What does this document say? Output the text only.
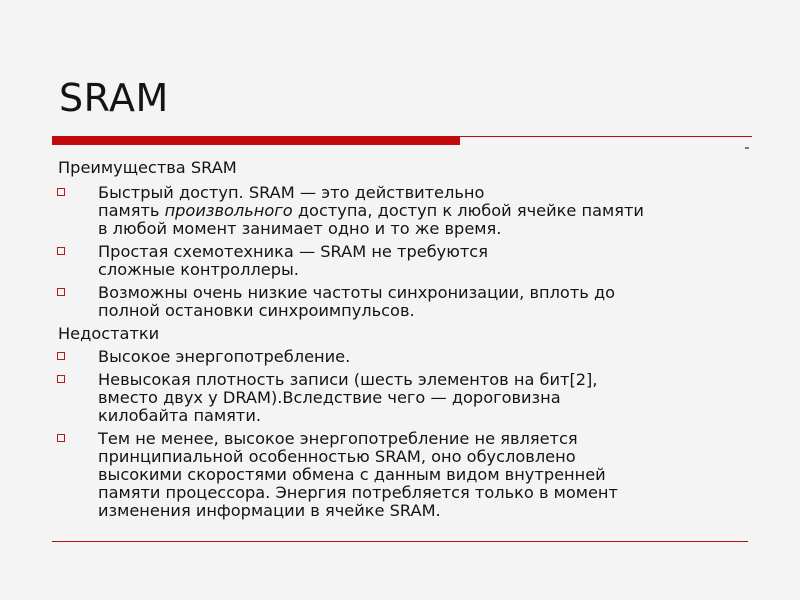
SRAM
Преимущества SRAM
Быстрый доступ. SRAM — это действительно
память произвольного доступа, доступ к любой ячейке памяти
в любой момент занимает одно и то же время.
Простая схемотехника — SRAM не требуются
сложные контроллеры.
Возможны очень низкие частоты синхронизации, вплоть до
полной остановки синхроимпульсов.
Недостатки
Высокое энергопотребление.
Невысокая плотность записи (шесть элементов на бит[2],
вместо двух у DRAM).Вследствие чего — дороговизна
килобайта памяти.
Тем не менее, высокое энергопотребление не является
принципиальной особенностью SRAM, оно обусловлено
высокими скоростями обмена с данным видом внутренней
памяти процессора. Энергия потребляется только в момент
изменения информации в ячейке SRAM.
